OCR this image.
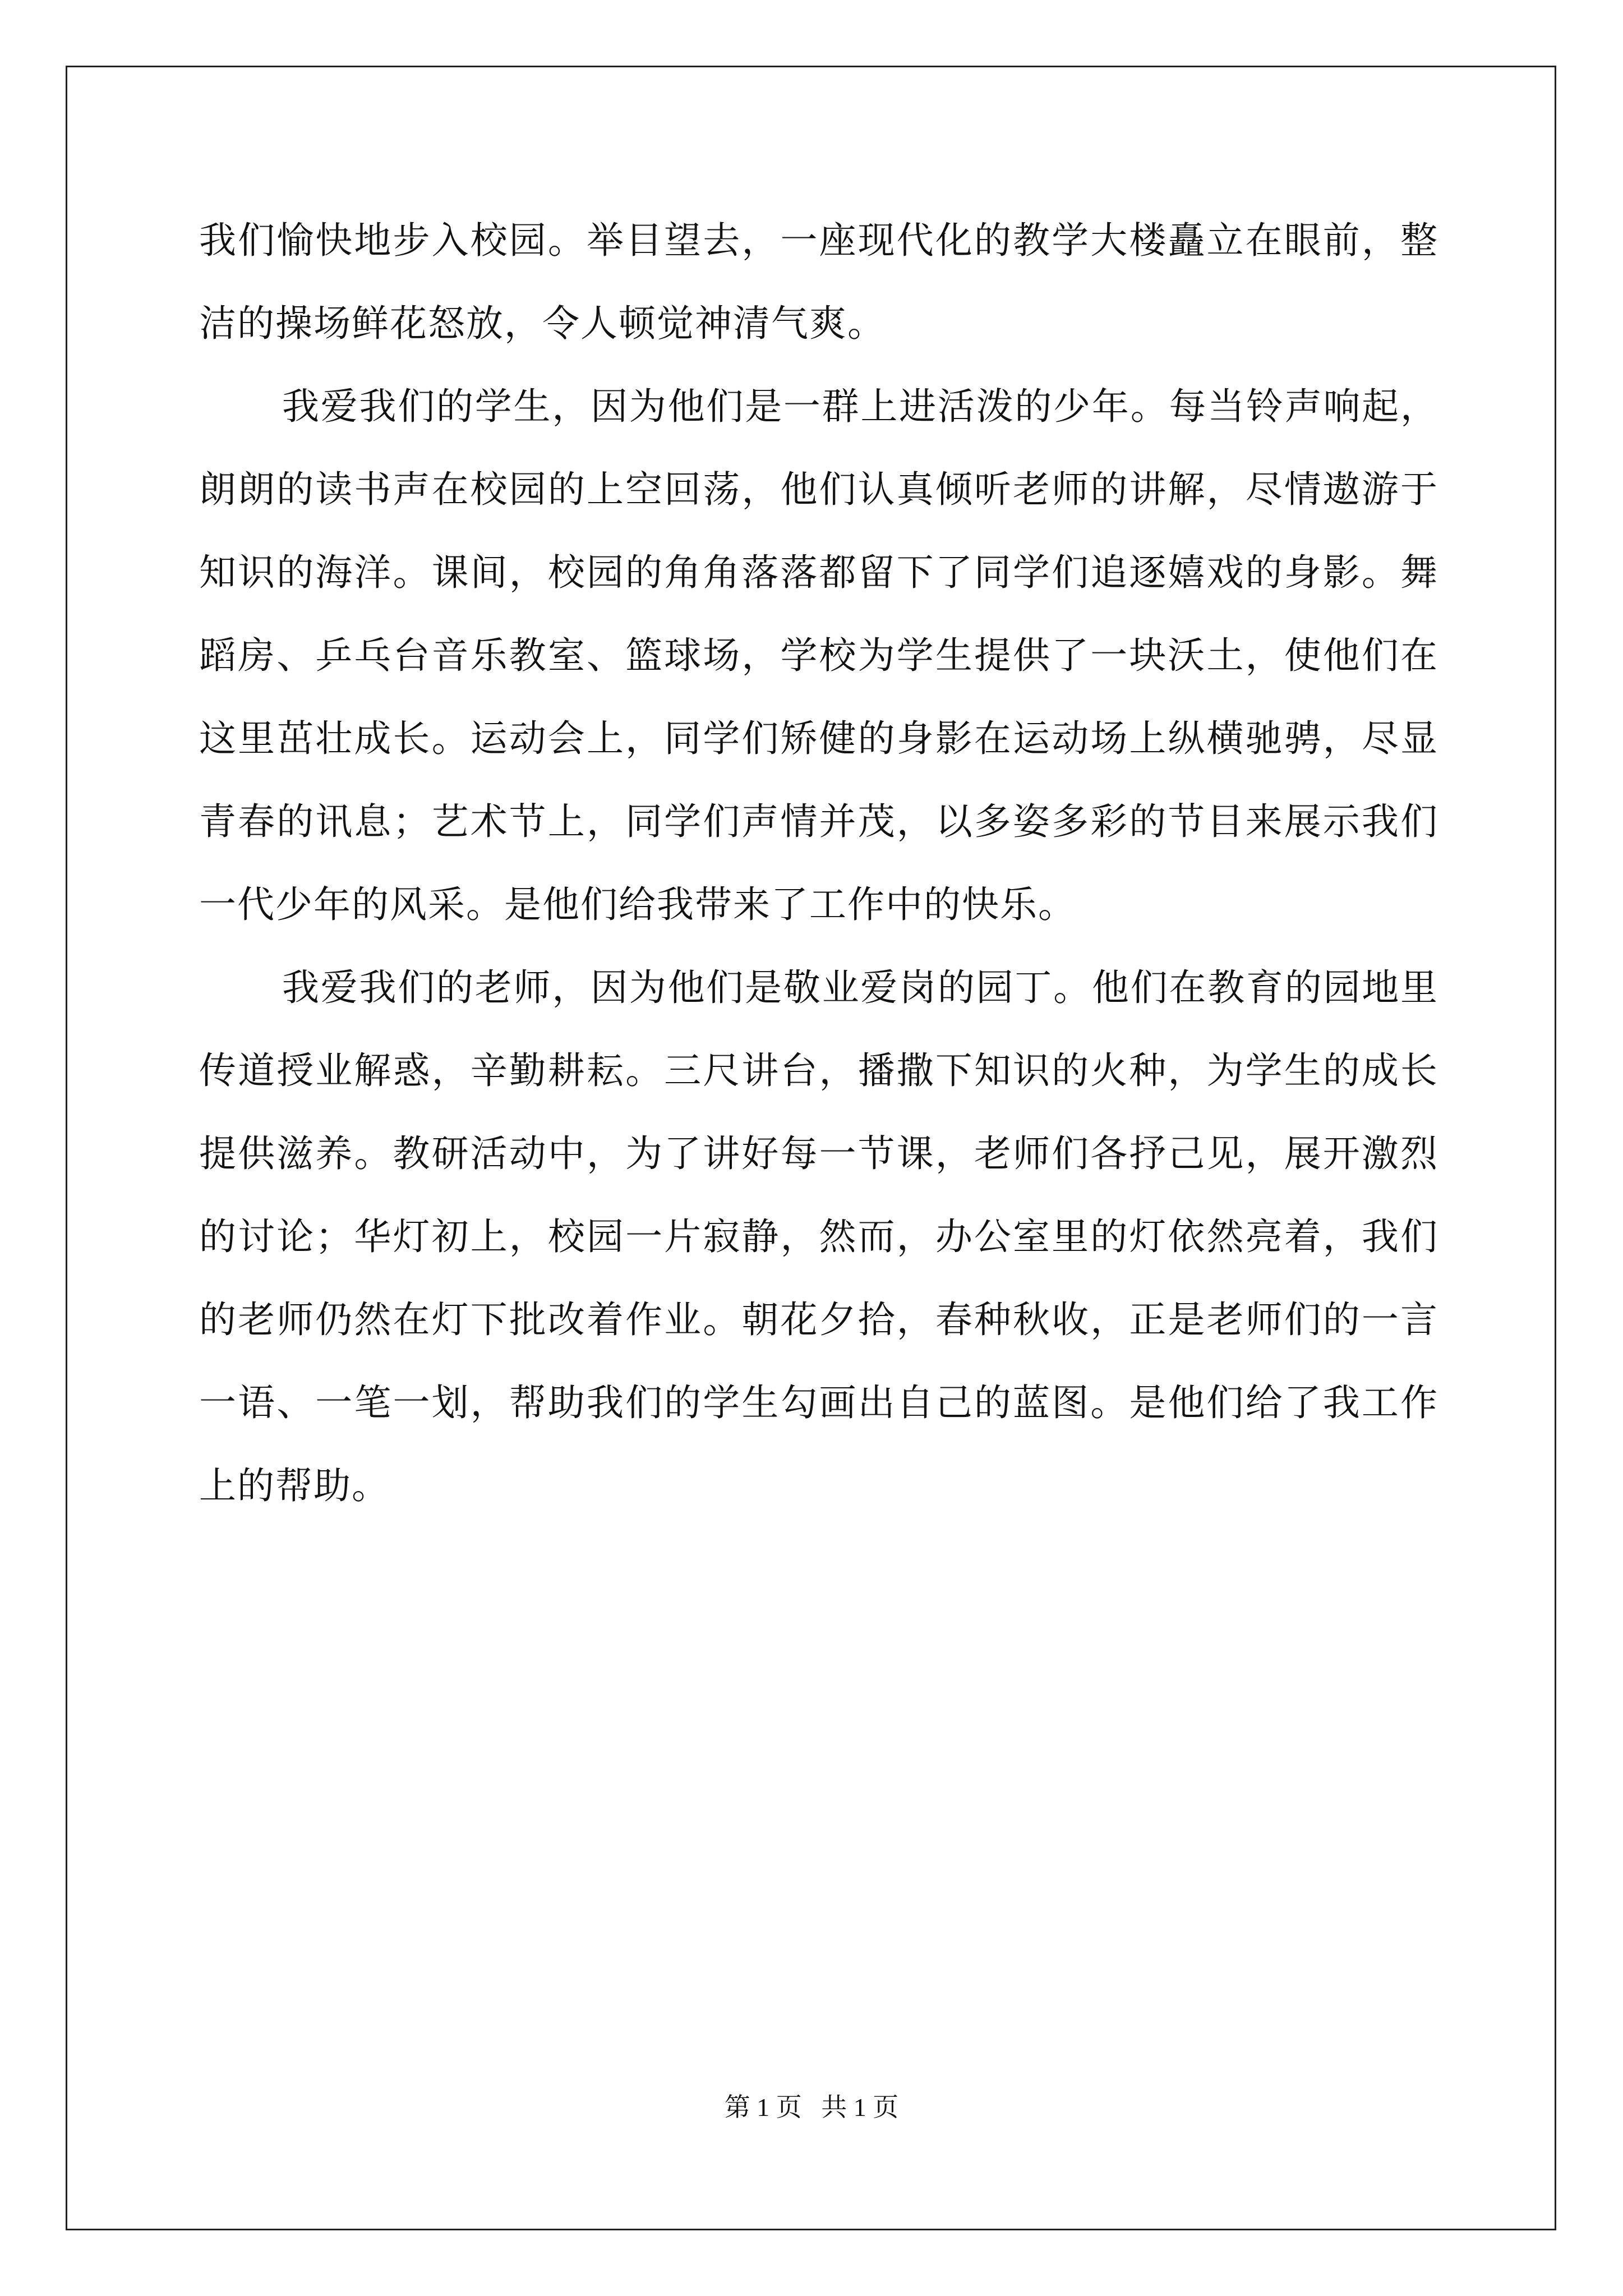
我们愉快地步入校园。举目望去，一座现代化的教学大楼矗立在眼前，整洁的操场鲜花怒放，令人顿觉神清气爽。

我爱我们的学生，因为他们是一群上进活泼的少年。每当铃声响起，朗朗的读书声在校园的上空回荡，他们认真倾听老师的讲解，尽情遨游于知识的海洋。课间，校园的角角落落都留下了同学们追逐嬉戏的身影。舞蹈房、乒乓台音乐教室、篮球场，学校为学生提供了一块沃土，使他们在这里茁壮成长。运动会上，同学们矫健的身影在运动场上纵横驰骋，尽显青春的讯息；艺术节上，同学们声情并茂，以多姿多彩的节目来展示我们一代少年的风采。是他们给我带来了工作中的快乐。

我爱我们的老师，因为他们是敬业爱岗的园丁。他们在教育的园地里传道授业解惑，辛勤耕耘。三尺讲台，播撒下知识的火种，为学生的成长提供滋养。教研活动中，为了讲好每一节课，老师们各抒己见，展开激烈的讨论；华灯初上，校园一片寂静，然而，办公室里的灯依然亮着，我们的老师仍然在灯下批改着作业。朝花夕拾，春种秋收，正是老师们的一言一语、一笔一划，帮助我们的学生勾画出自己的蓝图。是他们给了我工作上的帮助。

第 1 页   共 1 页
